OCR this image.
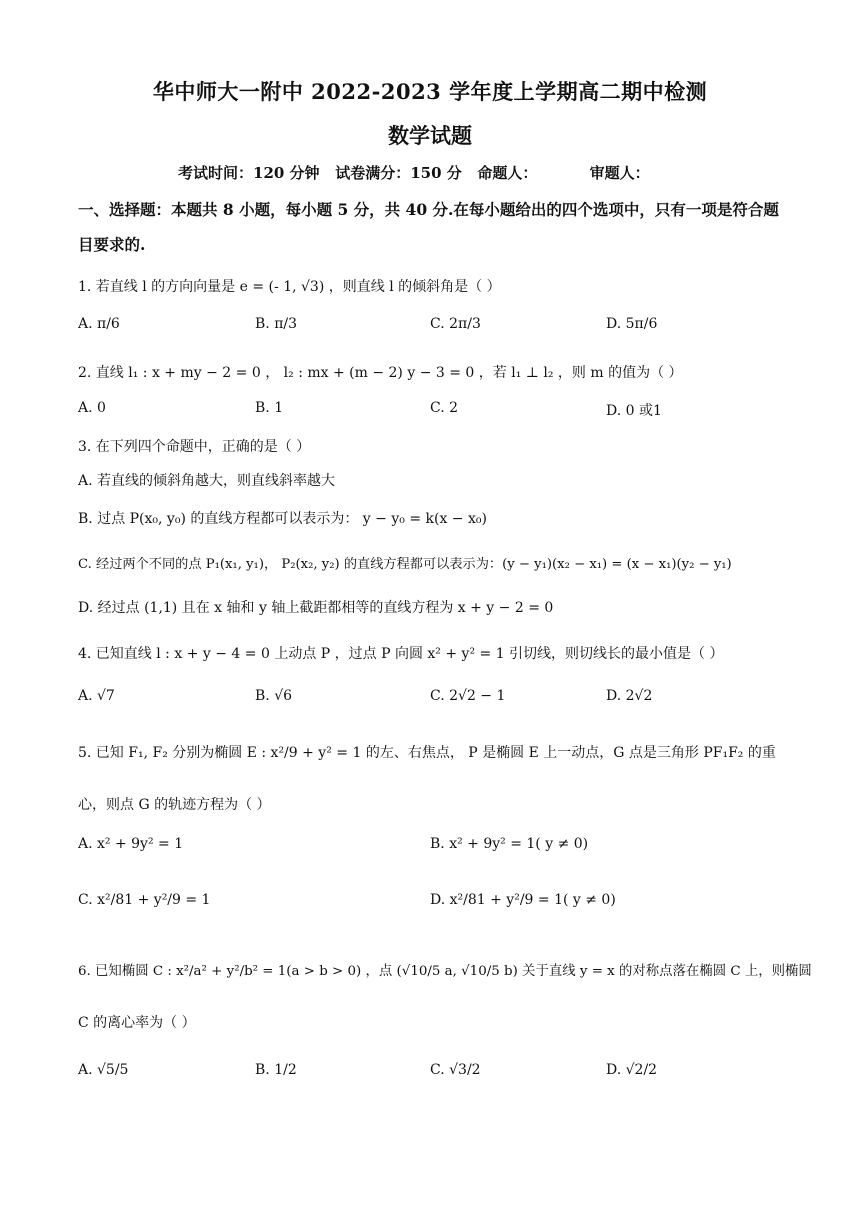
华中师大一附中 2022-2023 学年度上学期高二期中检测
数学试题
考试时间：120 分钟   试卷满分：150 分   命题人：          审题人：
一、选择题：本题共 8 小题，每小题 5 分，共 40 分.在每小题给出的四个选项中，只有一项是符合题目要求的.
1. 若直线 l 的方向向量是 e = (- 1, √3) ，则直线 l 的倾斜角是（ ）
A. π/6	B. π/3	C. 2π/3	D. 5π/6
2. 直线 l₁ : x + my − 2 = 0 ， l₂ : mx + (m − 2) y − 3 = 0 ，若 l₁ ⊥ l₂ ，则 m 的值为（ ）
A. 0	B. 1	C. 2	D. 0 或1
3. 在下列四个命题中，正确的是（ ）
A. 若直线的倾斜角越大，则直线斜率越大
B. 过点 P(x₀, y₀) 的直线方程都可以表示为： y − y₀ = k(x − x₀)
C. 经过两个不同的点 P₁(x₁, y₁)， P₂(x₂, y₂) 的直线方程都可以表示为：(y − y₁)(x₂ − x₁) = (x − x₁)(y₂ − y₁)
D. 经过点 (1,1) 且在 x 轴和 y 轴上截距都相等的直线方程为 x + y − 2 = 0
4. 已知直线 l : x + y − 4 = 0 上动点 P ，过点 P 向圆 x² + y² = 1 引切线，则切线长的最小值是（ ）
A. √7	B. √6	C. 2√2 − 1	D. 2√2
5. 已知 F₁, F₂ 分别为椭圆 E : x²/9 + y² = 1 的左、右焦点， P 是椭圆 E 上一动点，G 点是三角形 PF₁F₂ 的重
心，则点 G 的轨迹方程为（ ）
A. x² + 9y² = 1	B. x² + 9y² = 1( y ≠ 0)
C. x²/81 + y²/9 = 1	D. x²/81 + y²/9 = 1( y ≠ 0)
6. 已知椭圆 C : x²/a² + y²/b² = 1(a > b > 0) ，点 (√10/5 a, √10/5 b) 关于直线 y = x 的对称点落在椭圆 C 上，则椭圆
C 的离心率为（ ）
A. √5/5	B. 1/2	C. √3/2	D. √2/2
